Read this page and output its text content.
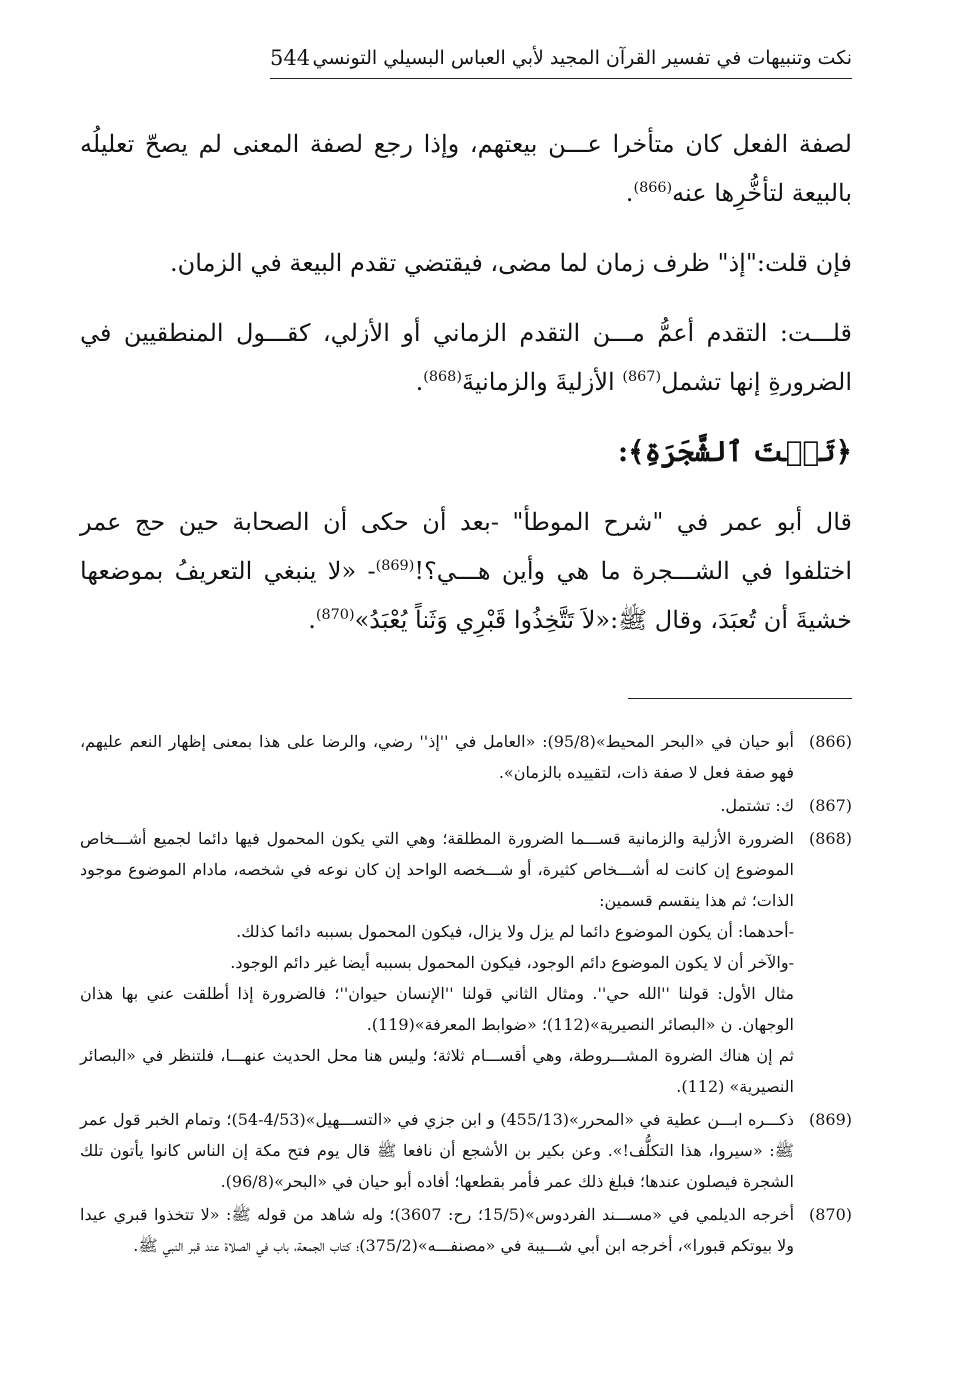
544 نكت وتنبيهات في تفسير القرآن المجيد لأبي العباس البسيلي التونسي

لصفة الفعل كان متأخرا عـــن بيعتهم، وإذا رجع لصفة المعنى لم يصحّ تعليلُه بالبيعة لتأخُّرِها عنه$^{(866)}$.

فإن قلت:"إذ" ظرف زمان لما مضى، فيقتضي تقدم البيعة في الزمان.

قلـــت: التقدم أعمُّ مـــن التقدم الزماني أو الأزلي، كقـــول المنطقيين في الضرورةِ إنها تشمل$^{(867)}$ الأزليةَ والزمانيةَ$^{(868)}$.

﴿تَحۡتَ ٱلشَّجَرَةِ﴾:

قال أبو عمر في "شرح الموطأ" -بعد أن حكى أن الصحابة حين حج عمر اختلفوا في الشـــجرة ما هي وأين هـــي؟!$^{(869)}$- «لا ينبغي التعريفُ بموضعها خشيةَ أن تُعبَدَ، وقال ﷺ:«لاَ تَتَّخِذُوا قَبْرِي وَثَناً يُعْبَدُ»$^{(870)}$.

(866)
أبو حيان في «البحر المحيط»(95/8): «العامل في ''إذ'' رضي، والرضا على هذا بمعنى إظهار النعم عليهم، فهو صفة فعل لا صفة ذات، لتقييده بالزمان».
(867)
ك: تشتمل.
(868)
الضرورة الأزلية والزمانية قســـما الضرورة المطلقة؛ وهي التي يكون المحمول فيها دائما لجميع أشـــخاص الموضوع إن كانت له أشـــخاص كثيرة، أو شـــخصه الواحد إن كان نوعه في شخصه، مادام الموضوع موجود الذات؛ ثم هذا ينقسم قسمين:
-أحدهما: أن يكون الموضوع دائما لم يزل ولا يزال، فيكون المحمول بسببه دائما كذلك.
-والآخر أن لا يكون الموضوع دائم الوجود، فيكون المحمول بسببه أيضا غير دائم الوجود.
مثال الأول: قولنا ''الله حي''. ومثال الثاني قولنا ''الإنسان حيوان''؛ فالضرورة إذا أطلقت عني بها هذان الوجهان. ن «البصائر النصيرية»(112)؛ «ضوابط المعرفة»(119).
ثم إن هناك الضروة المشـــروطة، وهي أقســـام ثلاثة؛ وليس هنا محل الحديث عنهـــا، فلتنظر في «البصائر النصيرية» (112).
(869)
ذكـــره ابـــن عطية في «المحرر»(455/13) و ابن جزي في «التســـهيل»(4/53-54)؛ وتمام الخبر قول عمر ﷺ: «سيروا، هذا التكلُّف!». وعن بكير بن الأشجع أن نافعا ﷺ قال يوم فتح مكة إن الناس كانوا يأتون تلك الشجرة فيصلون عندها؛ فبلغ ذلك عمر فأمر بقطعها؛ أفاده أبو حيان في «البحر»(96/8).
(870)
أخرجه الديلمي في «مســـند الفردوس»(15/5؛ رح: 3607)؛ وله شاهد من قوله ﷺ: «لا تتخذوا قبري عيدا ولا بيوتكم قبورا»، أخرجه ابن أبي شـــيبة في «مصنفـــه»(375/2)؛ كتاب الجمعة، باب في الصلاة عند قبر النبي ﷺ.
